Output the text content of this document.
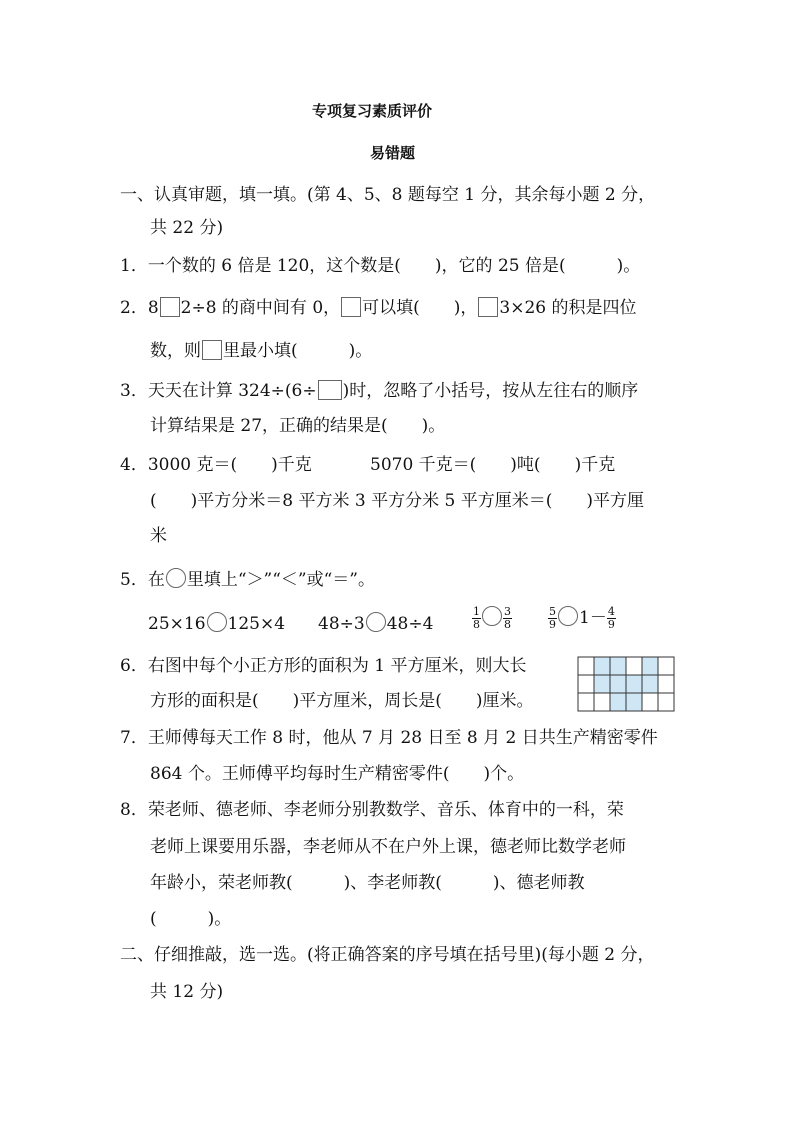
专项复习素质评价
易错题
一、认真审题，填一填。(第 4、5、8 题每空 1 分，其余每小题 2 分，
共 22 分)
1．一个数的 6 倍是 120，这个数是(　　)，它的 25 倍是(　　　)。
2．8 2÷8 的商中间有 0， 可以填(　　)， 3×26 的积是四位
数，则 里最小填(　　　)。
3．天天在计算 324÷(6÷ )时，忽略了小括号，按从左往右的顺序
计算结果是 27，正确的结果是(　　)。
4．3000 克＝(　　)千克	5070 千克＝(　　)吨(　　)千克
(　　)平方分米＝8 平方米 3 平方分米 5 平方厘米＝(　　)平方厘
米
5．在 里填上“＞”“＜”或“＝”。
25×16 125×4 48÷3 48÷4	$\frac{1}{8} \frac{3}{8}$	$\frac{5}{9} 1- \frac{4}{9}$
6．右图中每个小正方形的面积为 1 平方厘米，则大长
方形的面积是(　　)平方厘米，周长是(　　)厘米。
7．王师傅每天工作 8 时，他从 7 月 28 日至 8 月 2 日共生产精密零件
864 个。王师傅平均每时生产精密零件(　　)个。
8．荣老师、德老师、李老师分别教数学、音乐、体育中的一科，荣
老师上课要用乐器，李老师从不在户外上课，德老师比数学老师
年龄小，荣老师教(　　　)、李老师教(　　　)、德老师教
(　　　)。
二、仔细推敲，选一选。(将正确答案的序号填在括号里)(每小题 2 分，
共 12 分)
